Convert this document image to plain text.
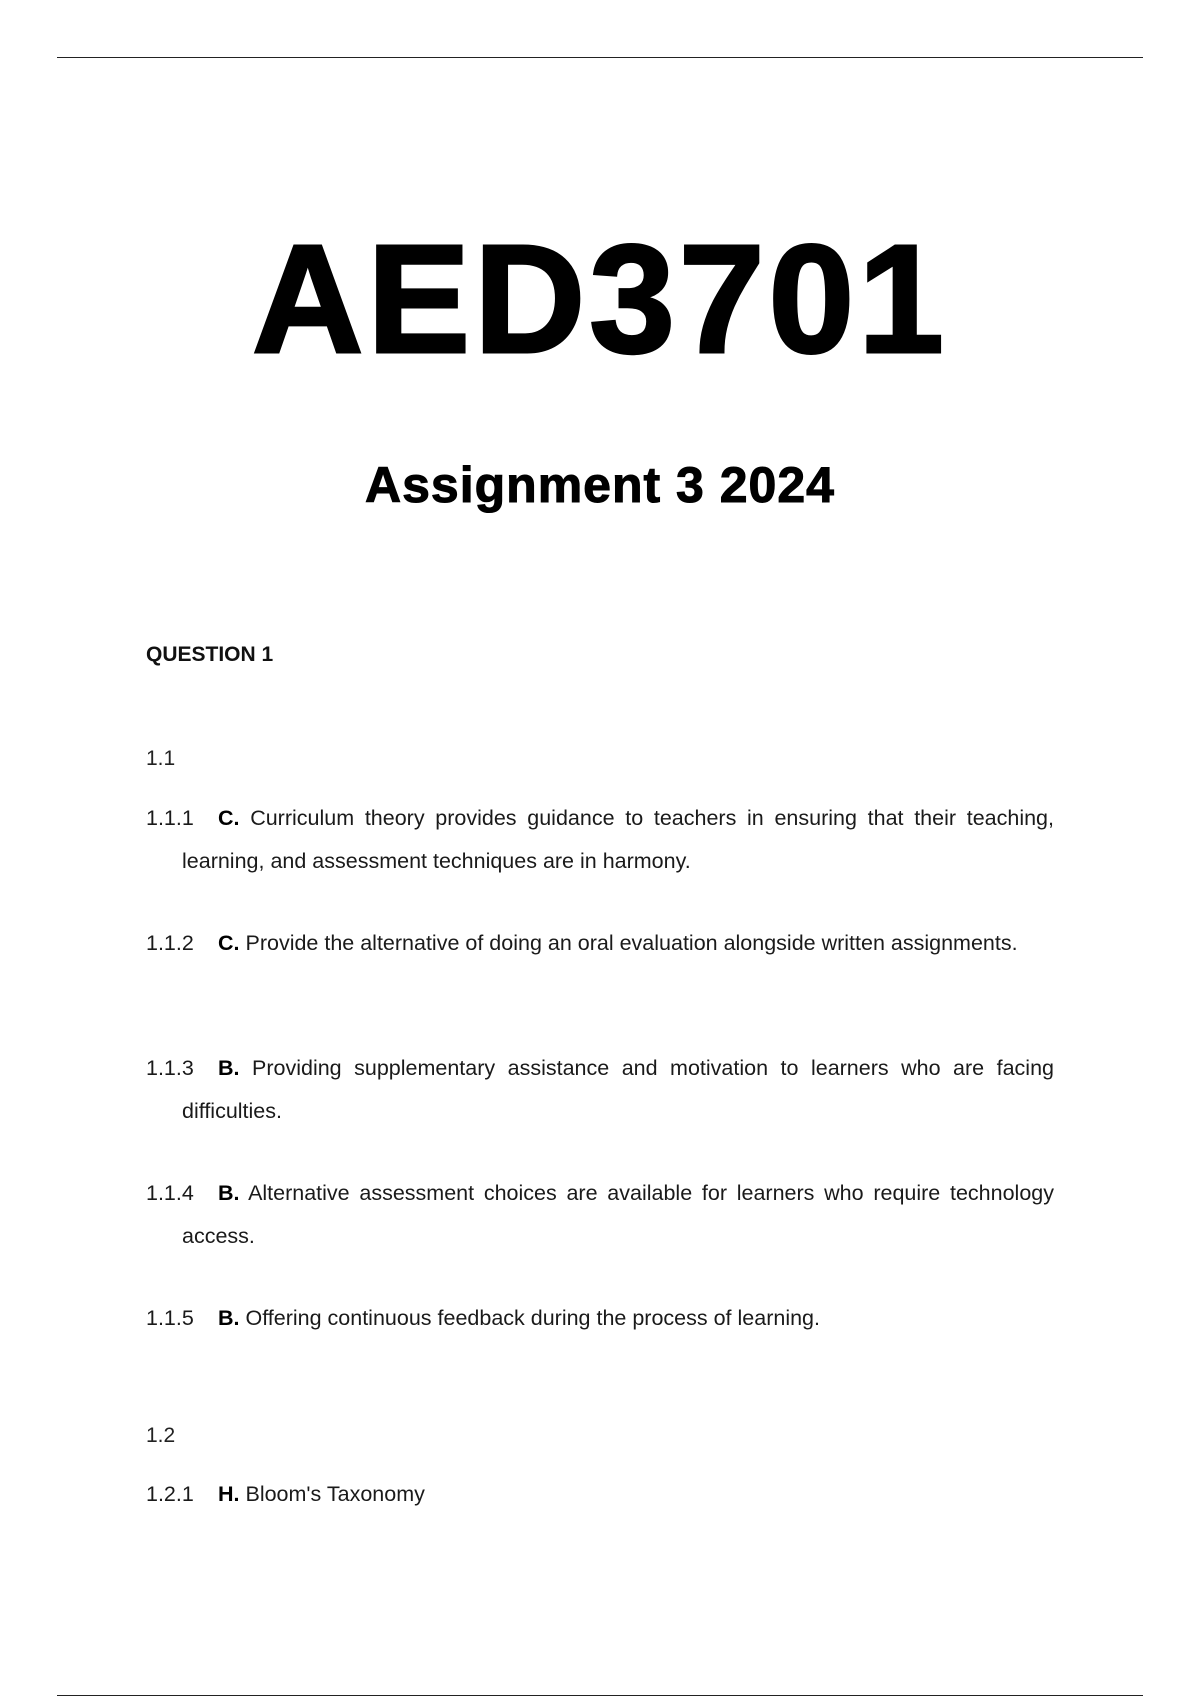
AED3701
Assignment 3 2024
QUESTION 1
1.1
1.1.1 C. Curriculum theory provides guidance to teachers in ensuring that their teaching, learning, and assessment techniques are in harmony.
1.1.2 C. Provide the alternative of doing an oral evaluation alongside written assignments.
1.1.3 B. Providing supplementary assistance and motivation to learners who are facing difficulties.
1.1.4 B. Alternative assessment choices are available for learners who require technology access.
1.1.5 B. Offering continuous feedback during the process of learning.
1.2
1.2.1 H. Bloom's Taxonomy
